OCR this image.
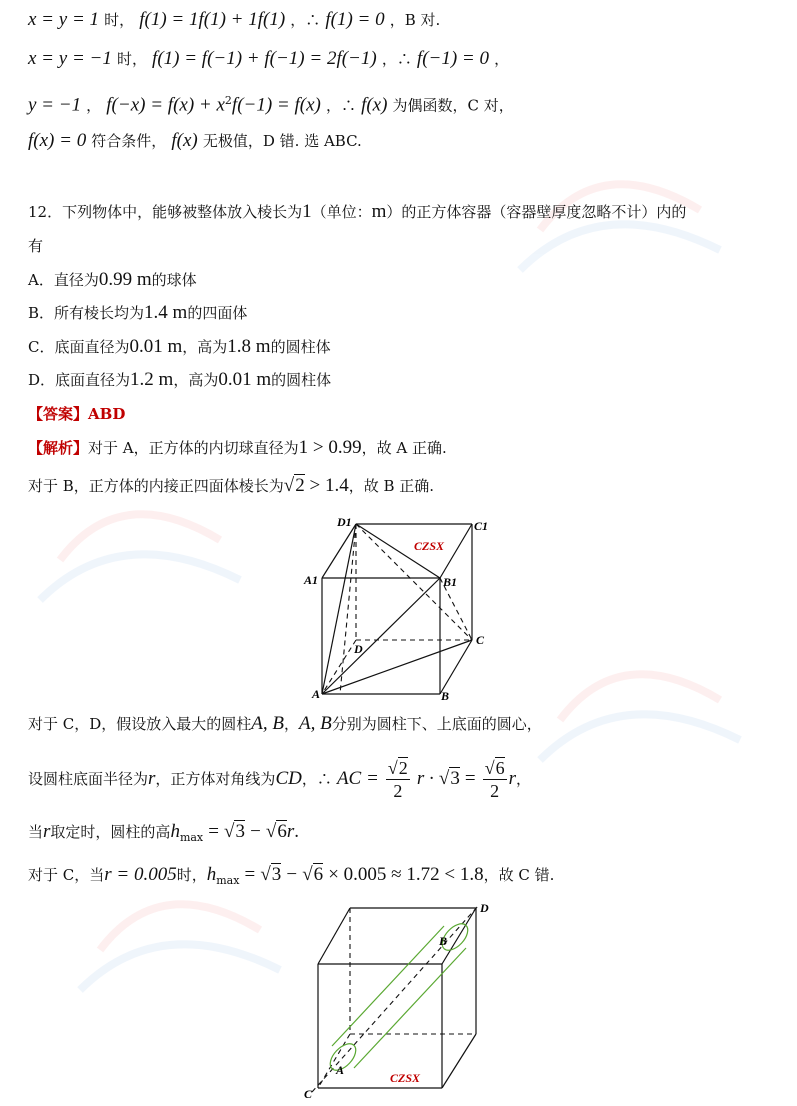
x = y = 1 时， f(1) = 1f(1) + 1f(1) ，∴ f(1) = 0 ，B 对.
x = y = −1 时， f(1) = f(−1) + f(−1) = 2f(−1) ，∴ f(−1) = 0 ，
y = −1 ， $f(-x) = f(x) + x^2f(-1) = f(x)$ ，∴ f(x) 为偶函数，C 对，
f(x) = 0 符合条件， f(x) 无极值，D 错. 选 ABC.
12．下列物体中，能够被整体放入棱长为1（单位：m）的正方体容器（容器壁厚度忽略不计）内的
有
A．直径为0.99 m的球体
B．所有棱长均为1.4 m的四面体
C．底面直径为0.01 m，高为1.8 m的圆柱体
D．底面直径为1.2 m，高为0.01 m的圆柱体
【答案】ABD
【解析】对于 A，正方体的内切球直径为1 > 0.99，故 A 正确.
对于 B，正方体的内接正四面体棱长为√2 > 1.4，故 B 正确.
D1	C1
A1	B1
C
D
A	B
CZSX
对于 C，D，假设放入最大的圆柱A, B，A, B分别为圆柱下、上底面的圆心，
设圆柱底面半径为r，正方体对角线为CD，∴ AC = $\frac{√2}{2}$ $r \cdot √3 = \frac{√6}{2}$ r，
当r取定时，圆柱的高$h_{max} = √3 - √6r$.
对于 C，当r = 0.005时，$h_{max} = √3 - √6 \times 0.005 \approx 1.72 < 1.8$，故 C 错.
D
B
A
C
CZSX
